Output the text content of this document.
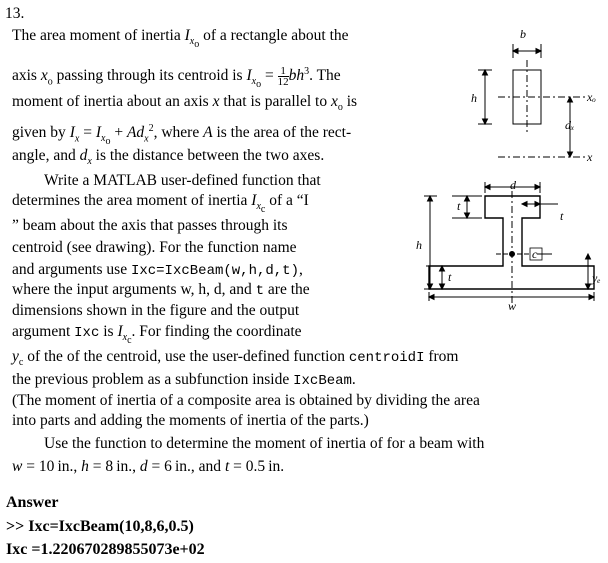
13.
The area moment of inertia $I_{x_o}$ of a rectangle about the
axis $x_o$ passing through its centroid is $I_{x_o} = \frac{1}{12} bh^3$. The
moment of inertia about an axis x that is parallel to $x_o$ is
given by $I_x = I_{x_o} + Ad_x^2$, where A is the area of the rect-
angle, and $d_x$ is the distance between the two axes.
Write a MATLAB user-defined function that
determines the area moment of inertia $I_{x_c}$ of a “I
” beam about the axis that passes through its
centroid (see drawing). For the function name
and arguments use Ixc=IxcBeam(w,h,d,t),
where the input arguments w, h, d, and t are the
dimensions shown in the figure and the output
argument Ixc is $I_{x_c}$. For finding the coordinate
$y_c$ of the of the centroid, use the user-defined function centroidI from
the previous problem as a subfunction inside IxcBeam.
(The moment of inertia of a composite area is obtained by dividing the area
into parts and adding the moments of inertia of the parts.)
Use the function to determine the moment of inertia of for a beam with
w = 10 in., h = 8 in., d = 6 in., and t = 0.5 in.
Answer
>> Ixc=IxcBeam(10,8,6,0.5)
Ixc =1.220670289855073e+02
b
h	xₒ
dₓ
x
d
t
t
h
c
yₑ
t
w
